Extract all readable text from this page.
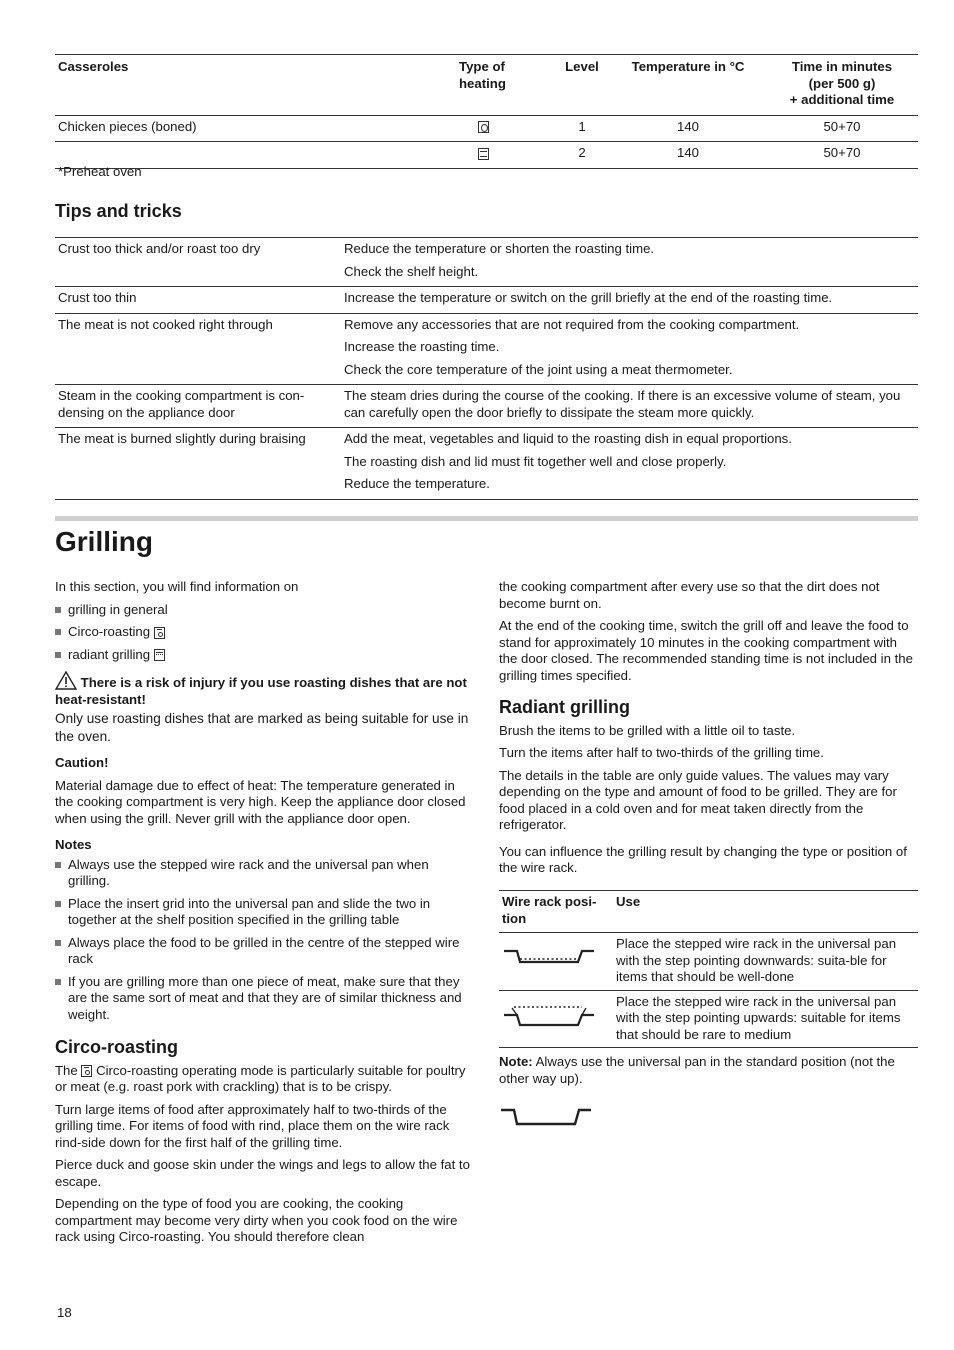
Casseroles	Type of heating	Level	Temperature in °C	Time in minutes
(per 500 g)
+ additional time

Chicken pieces (boned)		1	140	50+70
		2	140	50+70
*Preheat oven
Tips and tricks
Crust too thick and/or roast too dry	Reduce the temperature or shorten the roasting time.
Check the shelf height.

Crust too thin	Increase the temperature or switch on the grill briefly at the end of the roasting time.

The meat is not cooked right through	Remove any accessories that are not required from the cooking compartment.
Increase the roasting time.
Check the core temperature of the joint using a meat thermometer.

Steam in the cooking compartment is con-densing on the appliance door	The steam dries during the course of the cooking. If there is an excessive volume of steam, you can carefully open the door briefly to dissipate the steam more quickly.

The meat is burned slightly during braising	Add the meat, vegetables and liquid to the roasting dish in equal proportions.
The roasting dish and lid must fit together well and close properly.
Reduce the temperature.
Grilling

In this section, you will find information on

grilling in general
Circo-roasting
radiant grilling
There is a risk of injury if you use roasting dishes that are not heat-resistant!

Only use roasting dishes that are marked as being suitable for use in the oven.

Caution!

Material damage due to effect of heat: The temperature generated in the cooking compartment is very high. Keep the appliance door closed when using the grill. Never grill with the appliance door open.

Notes

Always use the stepped wire rack and the universal pan when grilling.
Place the insert grid into the universal pan and slide the two in together at the shelf position specified in the grilling table
Always place the food to be grilled in the centre of the stepped wire rack
If you are grilling more than one piece of meat, make sure that they are the same sort of meat and that they are of similar thickness and weight.
Circo-roasting

The Circo-roasting operating mode is particularly suitable for poultry or meat (e.g. roast pork with crackling) that is to be crispy.

Turn large items of food after approximately half to two-thirds of the grilling time. For items of food with rind, place them on the wire rack rind-side down for the first half of the grilling time.

Pierce duck and goose skin under the wings and legs to allow the fat to escape.

Depending on the type of food you are cooking, the cooking compartment may become very dirty when you cook food on the wire rack using Circo-roasting. You should therefore clean

the cooking compartment after every use so that the dirt does not become burnt on.

At the end of the cooking time, switch the grill off and leave the food to stand for approximately 10 minutes in the cooking compartment with the door closed. The recommended standing time is not included in the grilling times specified.

Radiant grilling

Brush the items to be grilled with a little oil to taste.

Turn the items after half to two-thirds of the grilling time.

The details in the table are only guide values. The values may vary depending on the type and amount of food to be grilled. They are for food placed in a cold oven and for meat taken directly from the refrigerator.

You can influence the grilling result by changing the type or position of the wire rack.

Wire rack posi- tion	Use
	Place the stepped wire rack in the universal pan with the step pointing downwards: suita-ble for items that should be well-done
	Place the stepped wire rack in the universal pan with the step pointing upwards: suitable for items that should be rare to medium

Note: Always use the universal pan in the standard position (not the other way up).

18
